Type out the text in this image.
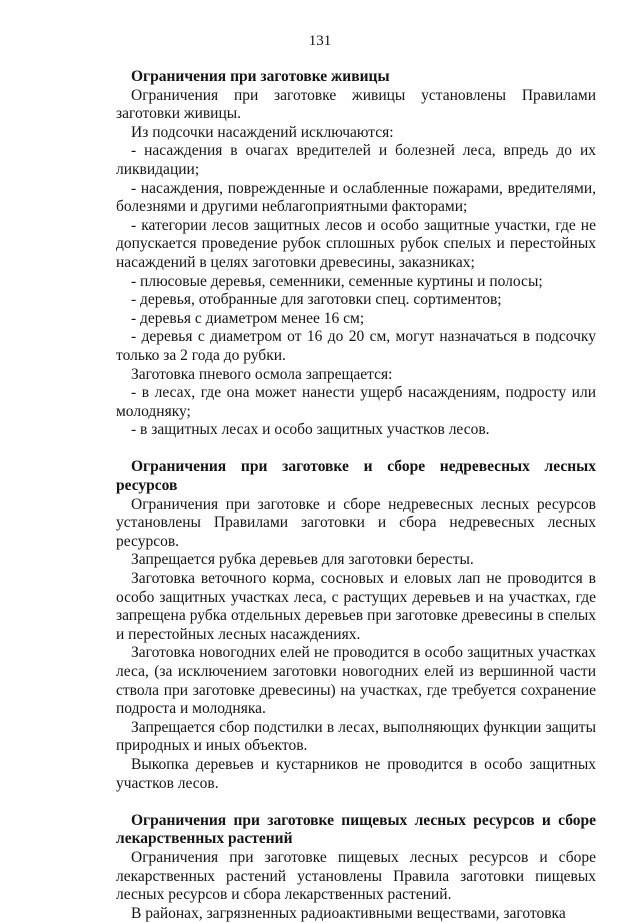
131

Ограничения при заготовке живицы

Ограничения при заготовке живицы установлены Правилами заготовки живицы.

Из подсочки насаждений исключаются:

- насаждения в очагах вредителей и болезней леса, впредь до их ликвидации;

- насаждения, поврежденные и ослабленные пожарами, вредителями, болезнями и другими неблагоприятными факторами;

- категории лесов защитных лесов и особо защитные участки, где не допускается проведение рубок сплошных рубок спелых и перестойных насаждений в целях заготовки древесины, заказниках;

- плюсовые деревья, семенники, семенные куртины и полосы;

- деревья, отобранные для заготовки спец. сортиментов;

- деревья с диаметром менее 16 см;

- деревья с диаметром от 16 до 20 см, могут назначаться в подсочку только за 2 года до рубки.

Заготовка пневого осмола запрещается:

- в лесах, где она может нанести ущерб насаждениям, подросту или молодняку;

- в защитных лесах и особо защитных участков лесов.

Ограничения при заготовке и сборе недревесных лесных ресурсов

Ограничения при заготовке и сборе недревесных лесных ресурсов установлены Правилами заготовки и сбора недревесных лесных ресурсов.

Запрещается рубка деревьев для заготовки бересты.

Заготовка веточного корма, сосновых и еловых лап не проводится в особо защитных участках леса, с растущих деревьев и на участках, где запрещена рубка отдельных деревьев при заготовке древесины в спелых и перестойных лесных насаждениях.

Заготовка новогодних елей не проводится в особо защитных участках леса, (за исключением заготовки новогодних елей из вершинной части ствола при заготовке древесины) на участках, где требуется сохранение подроста и молодняка.

Запрещается сбор подстилки в лесах, выполняющих функции защиты природных и иных объектов.

Выкопка деревьев и кустарников не проводится в особо защитных участков лесов.

Ограничения при заготовке пищевых лесных ресурсов и сборе лекарственных растений

Ограничения при заготовке пищевых лесных ресурсов и сборе лекарственных растений установлены Правила заготовки пищевых лесных ресурсов и сбора лекарственных растений.

В районах, загрязненных радиоактивными веществами, заготовка
